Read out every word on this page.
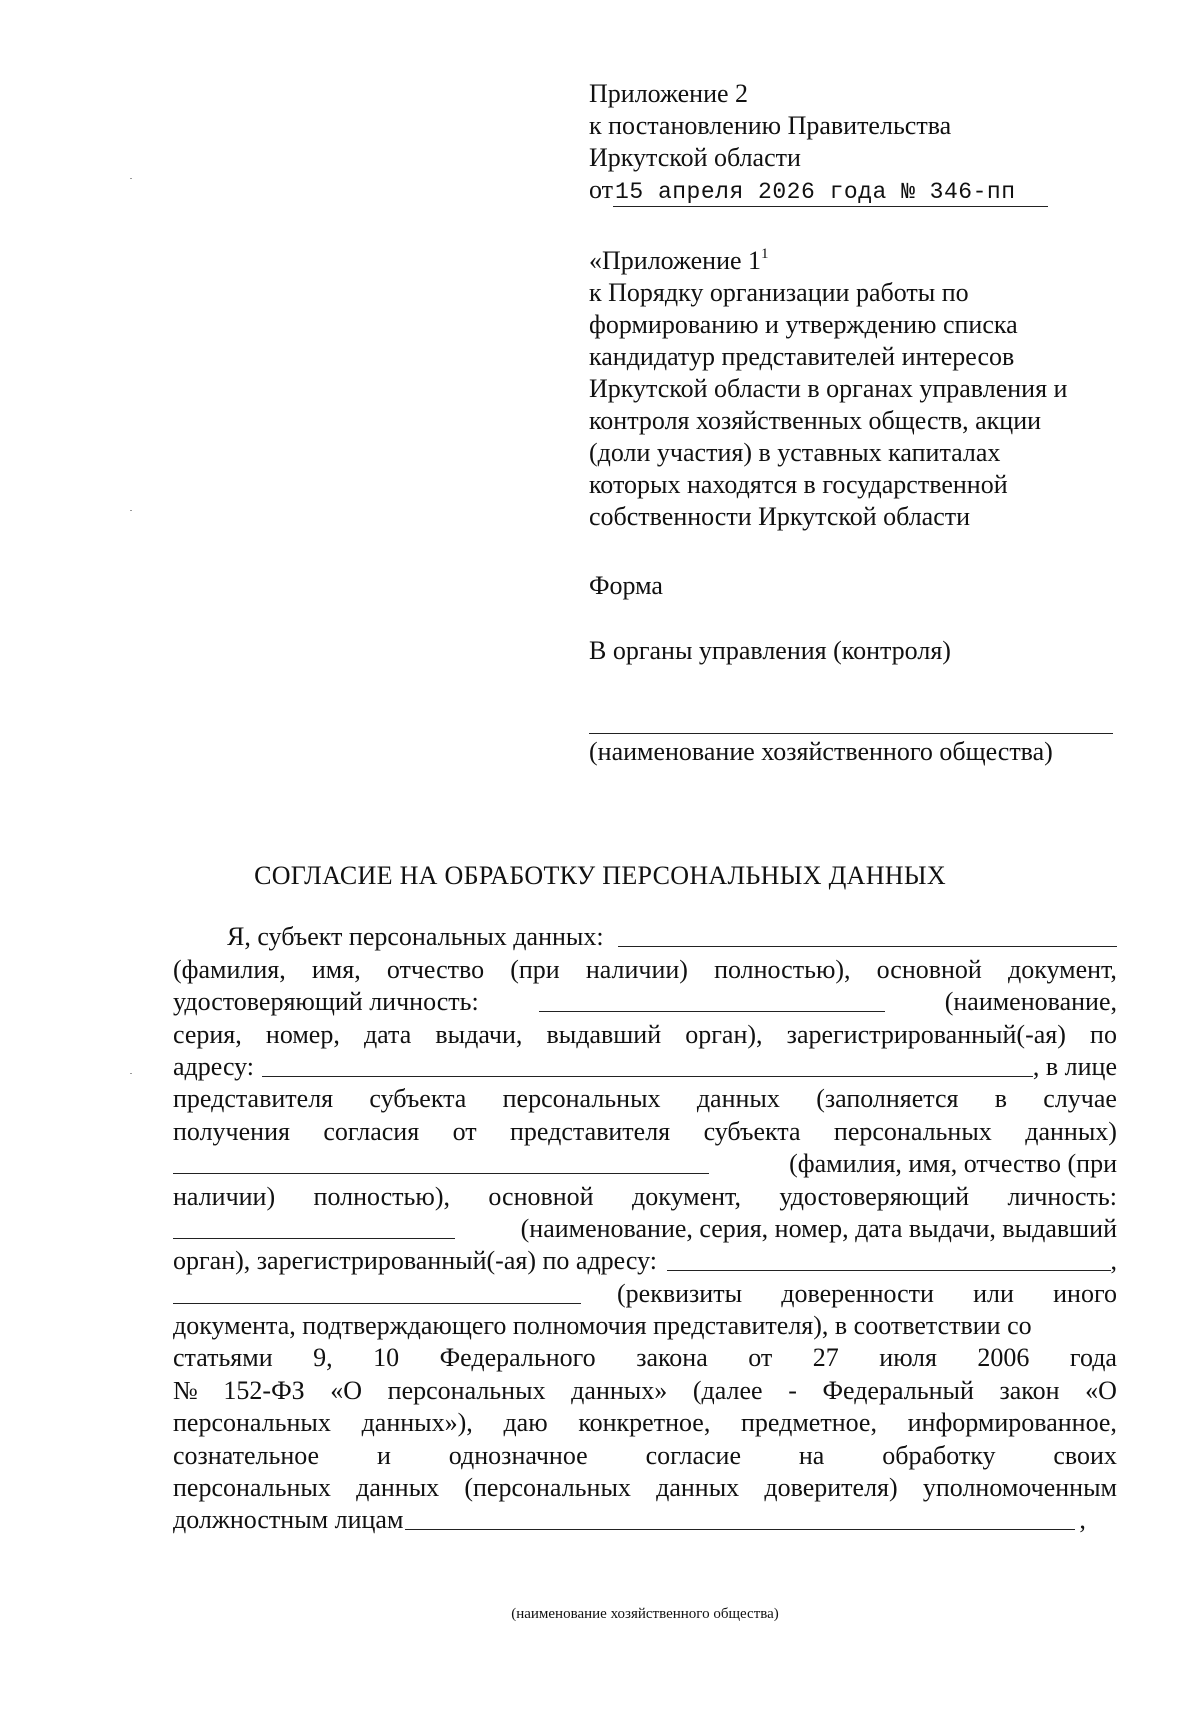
Приложение 2
к постановлению Правительства
Иркутской области
от15 апреля 2026 года № 346-пп
«Приложение $1^1$
к Порядку организации работы по
формированию и утверждению списка
кандидатур представителей интересов
Иркутской области в органах управления и
контроля хозяйственных обществ, акции
(доли участия) в уставных капиталах
которых находятся в государственной
собственности Иркутской области
Форма
В органы управления (контроля)
(наименование хозяйственного общества)
СОГЛАСИЕ НА ОБРАБОТКУ ПЕРСОНАЛЬНЫХ ДАННЫХ
Я, субъект персональных данных:
(фамилия, имя, отчество (при наличии) полностью), основной документ,
удостоверяющий личность:	(наименование,
серия, номер, дата выдачи, выдавший орган), зарегистрированный(-ая) по
адресу:	, в лице
представителя субъекта персональных данных (заполняется в случае
получения согласия от представителя субъекта персональных данных)
(фамилия, имя, отчество (при
наличии) полностью), основной документ, удостоверяющий личность:
(наименование, серия, номер, дата выдачи, выдавший
орган), зарегистрированный(-ая) по адресу:	,
(реквизиты доверенности или иного
документа, подтверждающего полномочия представителя), в соответствии со
статьями 9, 10 Федерального закона от 27 июля 2006 года
№ 152-ФЗ «О персональных данных» (далее - Федеральный закон «О
персональных данных»), даю конкретное, предметное, информированное,
сознательное и однозначное согласие на обработку своих
персональных данных (персональных данных доверителя) уполномоченным
должностным лицам	,
(наименование хозяйственного общества)
